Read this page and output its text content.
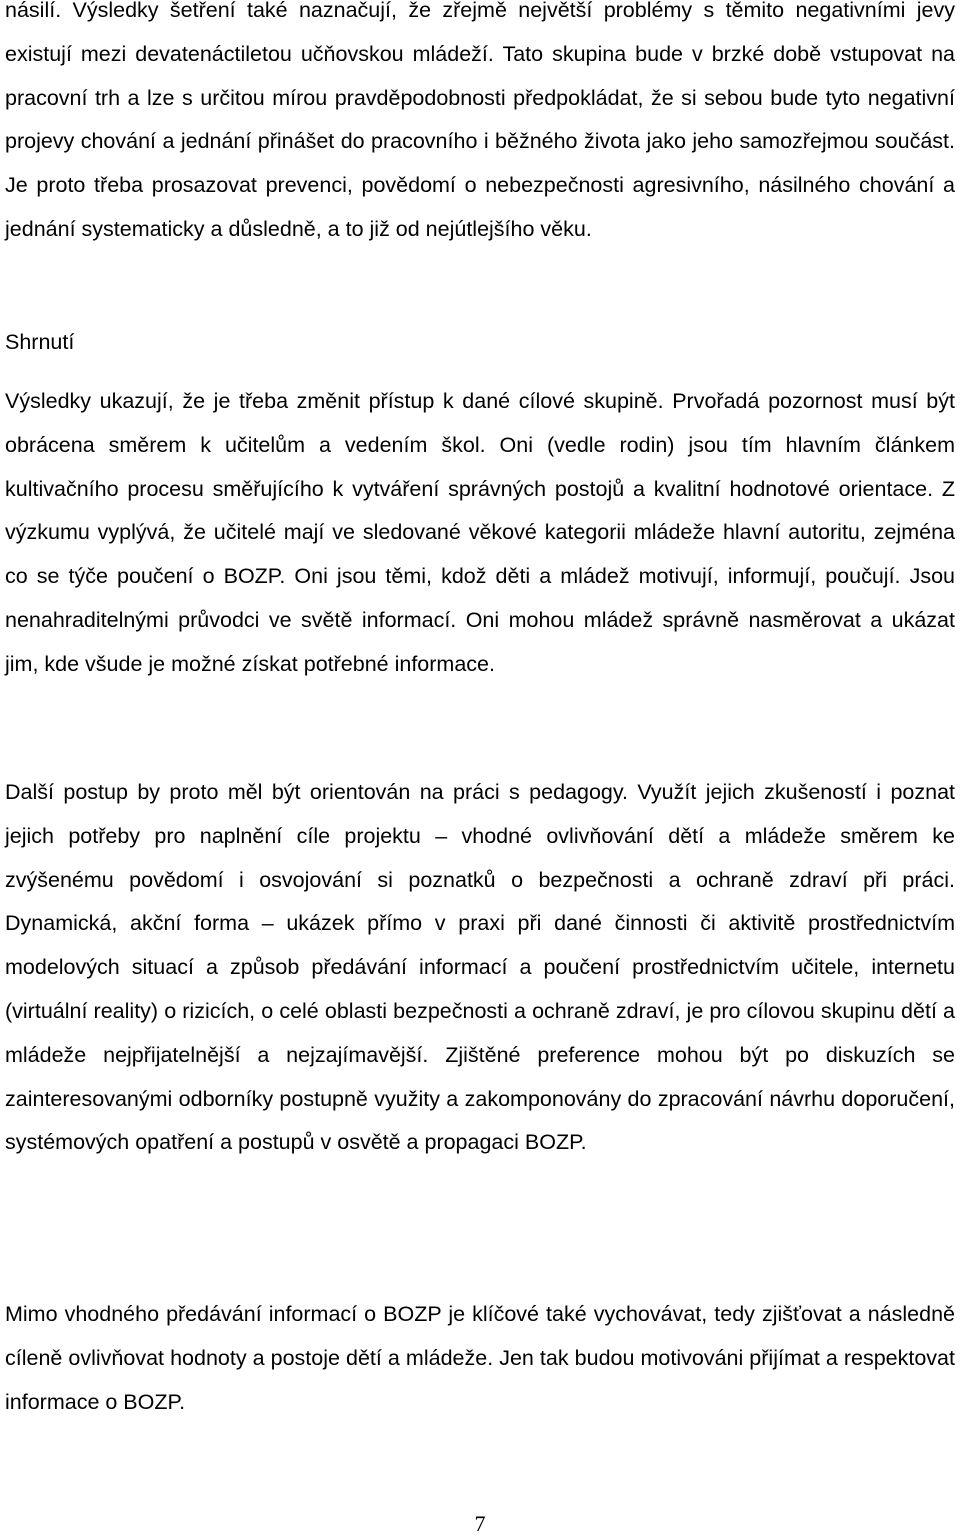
násilí. Výsledky šetření také naznačují, že zřejmě největší problémy s těmito negativními jevy existují mezi devatenáctiletou učňovskou mládeží. Tato skupina bude v brzké době vstupovat na pracovní trh a lze s určitou mírou pravděpodobnosti předpokládat, že si sebou bude tyto negativní projevy chování a jednání přinášet do pracovního i běžného života jako jeho samozřejmou součást. Je proto třeba prosazovat prevenci, povědomí o nebezpečnosti agresivního, násilného chování a jednání systematicky a důsledně, a to již od nejútlejšího věku.

Shrnutí

Výsledky ukazují, že je třeba změnit přístup k dané cílové skupině. Prvořadá pozornost musí být obrácena směrem k učitelům a vedením škol. Oni (vedle rodin) jsou tím hlavním článkem kultivačního procesu směřujícího k vytváření správných postojů a kvalitní hodnotové orientace. Z výzkumu vyplývá, že učitelé mají ve sledované věkové kategorii mládeže hlavní autoritu, zejména co se týče poučení o BOZP. Oni jsou těmi, kdož děti a mládež motivují, informují, poučují. Jsou nenahraditelnými průvodci ve světě informací. Oni mohou mládež správně nasměrovat a ukázat jim, kde všude je možné získat potřebné informace.

Další postup by proto měl být orientován na práci s pedagogy. Využít jejich zkušeností i poznat jejich potřeby pro naplnění cíle projektu – vhodné ovlivňování dětí a mládeže směrem ke zvýšenému povědomí i osvojování si poznatků o bezpečnosti a ochraně zdraví při práci. Dynamická, akční forma – ukázek přímo v praxi při dané činnosti či aktivitě prostřednictvím modelových situací a způsob předávání informací a poučení prostřednictvím učitele, internetu (virtuální reality) o rizicích, o celé oblasti bezpečnosti a ochraně zdraví, je pro cílovou skupinu dětí a mládeže nejpřijatelnější a nejzajímavější. Zjištěné preference mohou být po diskuzích se zainteresovanými odborníky postupně využity a zakomponovány do zpracování návrhu doporučení, systémových opatření a postupů v osvětě a propagaci BOZP.

Mimo vhodného předávání informací o BOZP je klíčové také vychovávat, tedy zjišťovat a následně cíleně ovlivňovat hodnoty a postoje dětí a mládeže. Jen tak budou motivováni přijímat a respektovat informace o BOZP.

7
